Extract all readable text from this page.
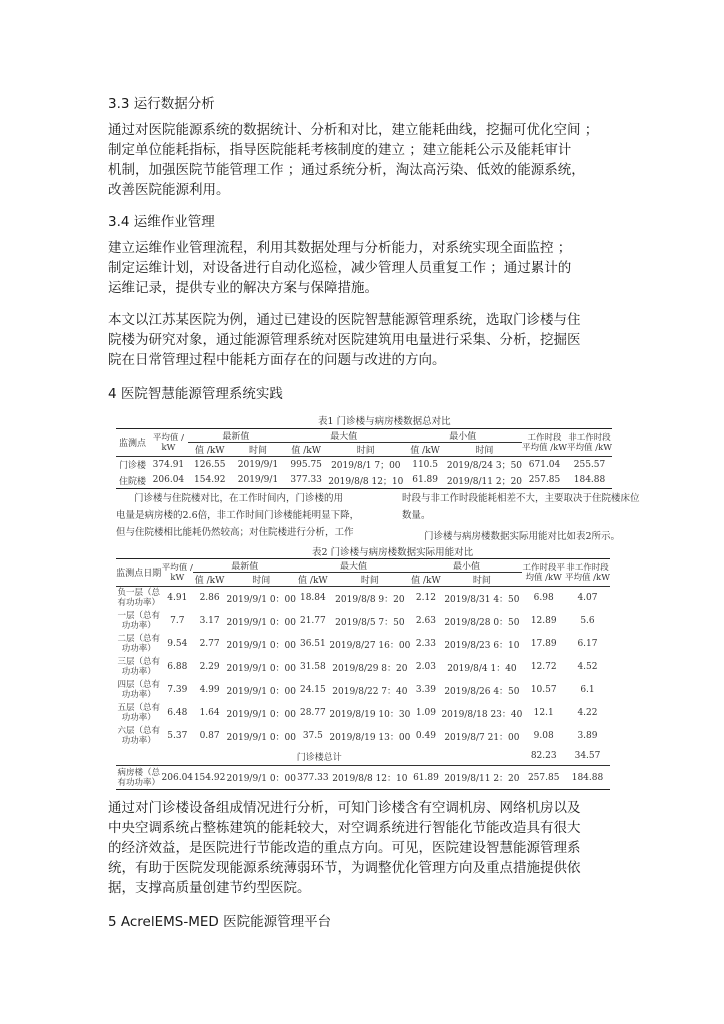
3.3 运行数据分析
通过对医院能源系统的数据统计、分析和对比，建立能耗曲线，挖掘可优化空间 ；
制定单位能耗指标，指导医院能耗考核制度的建立 ；建立能耗公示及能耗审计
机制，加强医院节能管理工作 ；通过系统分析，淘汰高污染、低效的能源系统，
改善医院能源利用。
3.4 运维作业管理
建立运维作业管理流程，利用其数据处理与分析能力，对系统实现全面监控 ；
制定运维计划，对设备进行自动化巡检，减少管理人员重复工作 ；通过累计的
运维记录，提供专业的解决方案与保障措施。
本文以江苏某医院为例，通过已建设的医院智慧能源管理系统，选取门诊楼与住
院楼为研究对象，通过能源管理系统对医院建筑用电量进行采集、分析，挖掘医
院在日常管理过程中能耗方面存在的问题与改进的方向。
4 医院智慧能源管理系统实践
表1 门诊楼与病房楼数据总对比
监测点	平均值 /
kW	最新值		最大值		最小值		工作时段
平均值 /kW	非工作时段
平均值 /kW
		值 /kW	时间	值 /kW	时间	值 /kW	时间		
门诊楼	374.91	126.55	2019/9/1	995.75	2019/8/1 7；00	110.5	2019/8/24 3；50	671.04	255.57
住院楼	206.04	154.92	2019/9/1	377.33	2019/8/8 12；10	61.89	2019/8/11 2；20	257.85	184.88
门诊楼与住院楼对比，在工作时间内，门诊楼的用
电量是病房楼的2.6倍，非工作时间门诊楼能耗明显下降，
但与住院楼相比能耗仍然较高；对住院楼进行分析，工作
时段与非工作时段能耗相差不大，主要取决于住院楼床位
数量。
门诊楼与病房楼数据实际用能对比如表2所示。
表2 门诊楼与病房楼数据实际用能对比
监测点日期	平均值 /
kW	最新值		最大值		最小值		工作时段平
均值 /kW	非工作时段
平均值 /kW
		值 /kW	时间	值 /kW	时间	值 /kW	时间		
负一层（总
有功功率）	4.91	2.86	2019/9/1 0：00	18.84	2019/8/8 9：20	2.12	2019/8/31 4：50	6.98	4.07
一层（总有
功功率）	7.7	3.17	2019/9/1 0：00	21.77	2019/8/5 7：50	2.63	2019/8/28 0：50	12.89	5.6
二层（总有
功功率）	9.54	2.77	2019/9/1 0：00	36.51	2019/8/27 16：00	2.33	2019/8/23 6：10	17.89	6.17
三层（总有
功功率）	6.88	2.29	2019/9/1 0：00	31.58	2019/8/29 8：20	2.03	2019/8/4 1：40	12.72	4.52
四层（总有
功功率）	7.39	4.99	2019/9/1 0：00	24.15	2019/8/22 7：40	3.39	2019/8/26 4：50	10.57	6.1
五层（总有
功功率）	6.48	1.64	2019/9/1 0：00	28.77	2019/8/19 10：30	1.09	2019/8/18 23：40	12.1	4.22
六层（总有
功功率）	5.37	0.87	2019/9/1 0：00	37.5	2019/8/19 13：00	0.49	2019/8/7 21：00	9.08	3.89
门诊楼总计								82.23	34.57
病房楼（总
有功功率）	206.04	154.92	2019/9/1 0：00	377.33	2019/8/8 12：10	61.89	2019/8/11 2：20	257.85	184.88
通过对门诊楼设备组成情况进行分析，可知门诊楼含有空调机房、网络机房以及
中央空调系统占整栋建筑的能耗较大，对空调系统进行智能化节能改造具有很大
的经济效益，是医院进行节能改造的重点方向。可见，医院建设智慧能源管理系
统，有助于医院发现能源系统薄弱环节，为调整优化管理方向及重点措施提供依
据，支撑高质量创建节约型医院。
5 AcrelEMS-MED 医院能源管理平台
